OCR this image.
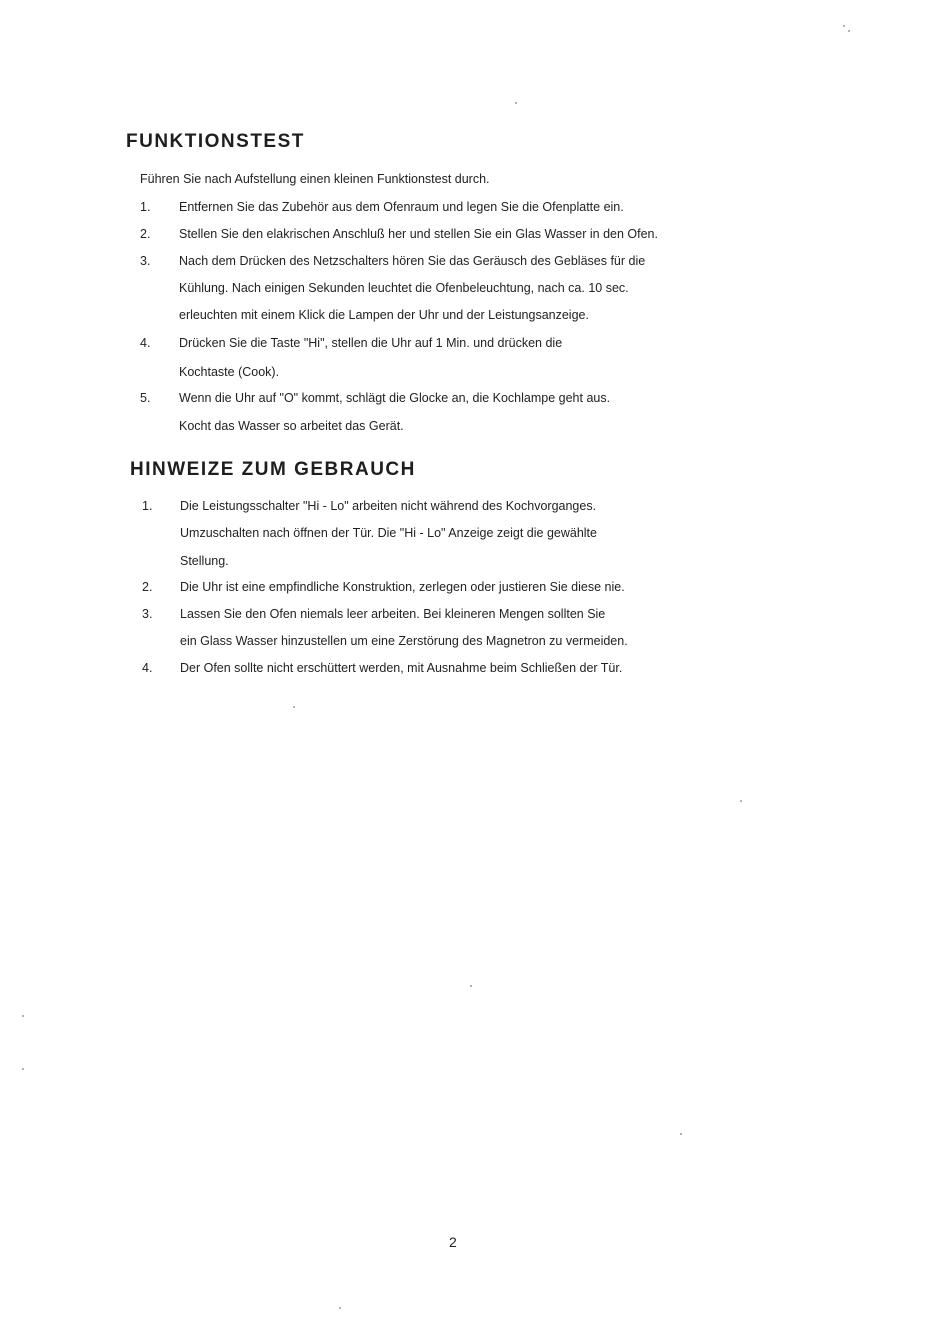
FUNKTIONSTEST

Führen Sie nach Aufstellung einen kleinen Funktionstest durch.

1.	Entfernen Sie das Zubehör aus dem Ofenraum und legen Sie die Ofenplatte ein.
2.	Stellen Sie den elakrischen Anschluß her und stellen Sie ein Glas Wasser in den Ofen.
3.	Nach dem Drücken des Netzschalters hören Sie das Geräusch des Gebläses für die
Kühlung. Nach einigen Sekunden leuchtet die Ofenbeleuchtung, nach ca. 10 sec.
erleuchten mit einem Klick die Lampen der Uhr und der Leistungsanzeige.
4.	Drücken Sie die Taste "Hi", stellen die Uhr auf 1 Min. und drücken die
Kochtaste (Cook).
5.	Wenn die Uhr auf "O" kommt, schlägt die Glocke an, die Kochlampe geht aus.
Kocht das Wasser so arbeitet das Gerät.
HINWEIZE ZUM GEBRAUCH
1.	Die Leistungsschalter "Hi - Lo" arbeiten nicht während des Kochvorganges.
Umzuschalten nach öffnen der Tür. Die "Hi - Lo" Anzeige zeigt die gewählte
Stellung.
2.	Die Uhr ist eine empfindliche Konstruktion, zerlegen oder justieren Sie diese nie.
3.	Lassen Sie den Ofen niemals leer arbeiten. Bei kleineren Mengen sollten Sie
ein Glass Wasser hinzustellen um eine Zerstörung des Magnetron zu vermeiden.
4.	Der Ofen sollte nicht erschüttert werden, mit Ausnahme beim Schließen der Tür.
2
